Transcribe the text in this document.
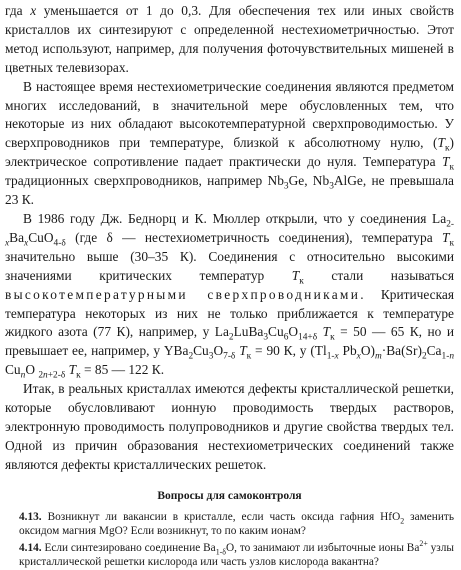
гда x уменьшается от 1 до 0,3. Для обеспечения тех или иных свойств кристаллов их синтезируют с определенной нестехиометричностью. Этот метод используют, например, для получения фоточувствительных мишеней в цветных телевизорах.

В настоящее время нестехиометрические соединения являются предметом многих исследований, в значительной мере обусловленных тем, что некоторые из них обладают высокотемпературной сверхпроводимостью. У сверхпроводников при температуре, близкой к абсолютному нулю, $(T_к)$ электрическое сопротивление падает практически до нуля. Температура $T_к$ традиционных сверхпроводников, например $Nb_3Ge$, $Nb_3AlGe$, не превышала 23 К.

В 1986 году Дж. Беднорц и К. Мюллер открыли, что у соединения $La_{2-x}Ba_xCuO_{4-\delta}$ (где δ — нестехиометричность соединения), температура $T_к$ значительно выше (30–35 К). Соединения с относительно высокими значениями критических температур $T_к$ стали называться высокотемпературными сверхпроводниками. Критическая температура некоторых из них не только приближается к температуре жидкого азота (77 К), например, у $La_2LuBa_3Cu_6O_{14+\delta}$ $T_к = 50$ — 65 К, но и превышает ее, например, у $YBa_2Cu_3O_{7-\delta}$ $T_к = 90$ К, у ($Tl_{1-x}$ $Pb_xO)_m\cdot Ba(Sr)_2Ca_{1-n}$ $Cu_nO$ $_{2n+2-\delta}$ $T_к = 85$ — 122 К.

Итак, в реальных кристаллах имеются дефекты кристаллической решетки, которые обусловливают ионную проводимость твердых растворов, электронную проводимость полупроводников и другие свойства твердых тел. Одной из причин образования нестехиометрических соединений также являются дефекты кристаллических решеток.

Вопросы для самоконтроля

4.13. Возникнут ли вакансии в кристалле, если часть оксида гафния HfO$_2$ заменить оксидом магния MgO? Если возникнут, то по каким ионам?

4.14. Если синтезировано соединение $Ba_{1-\delta}O$, то занимают ли избыточные ионы $Ba^{2+}$ узлы кристаллической решетки кислорода или часть узлов кислорода вакантна?
